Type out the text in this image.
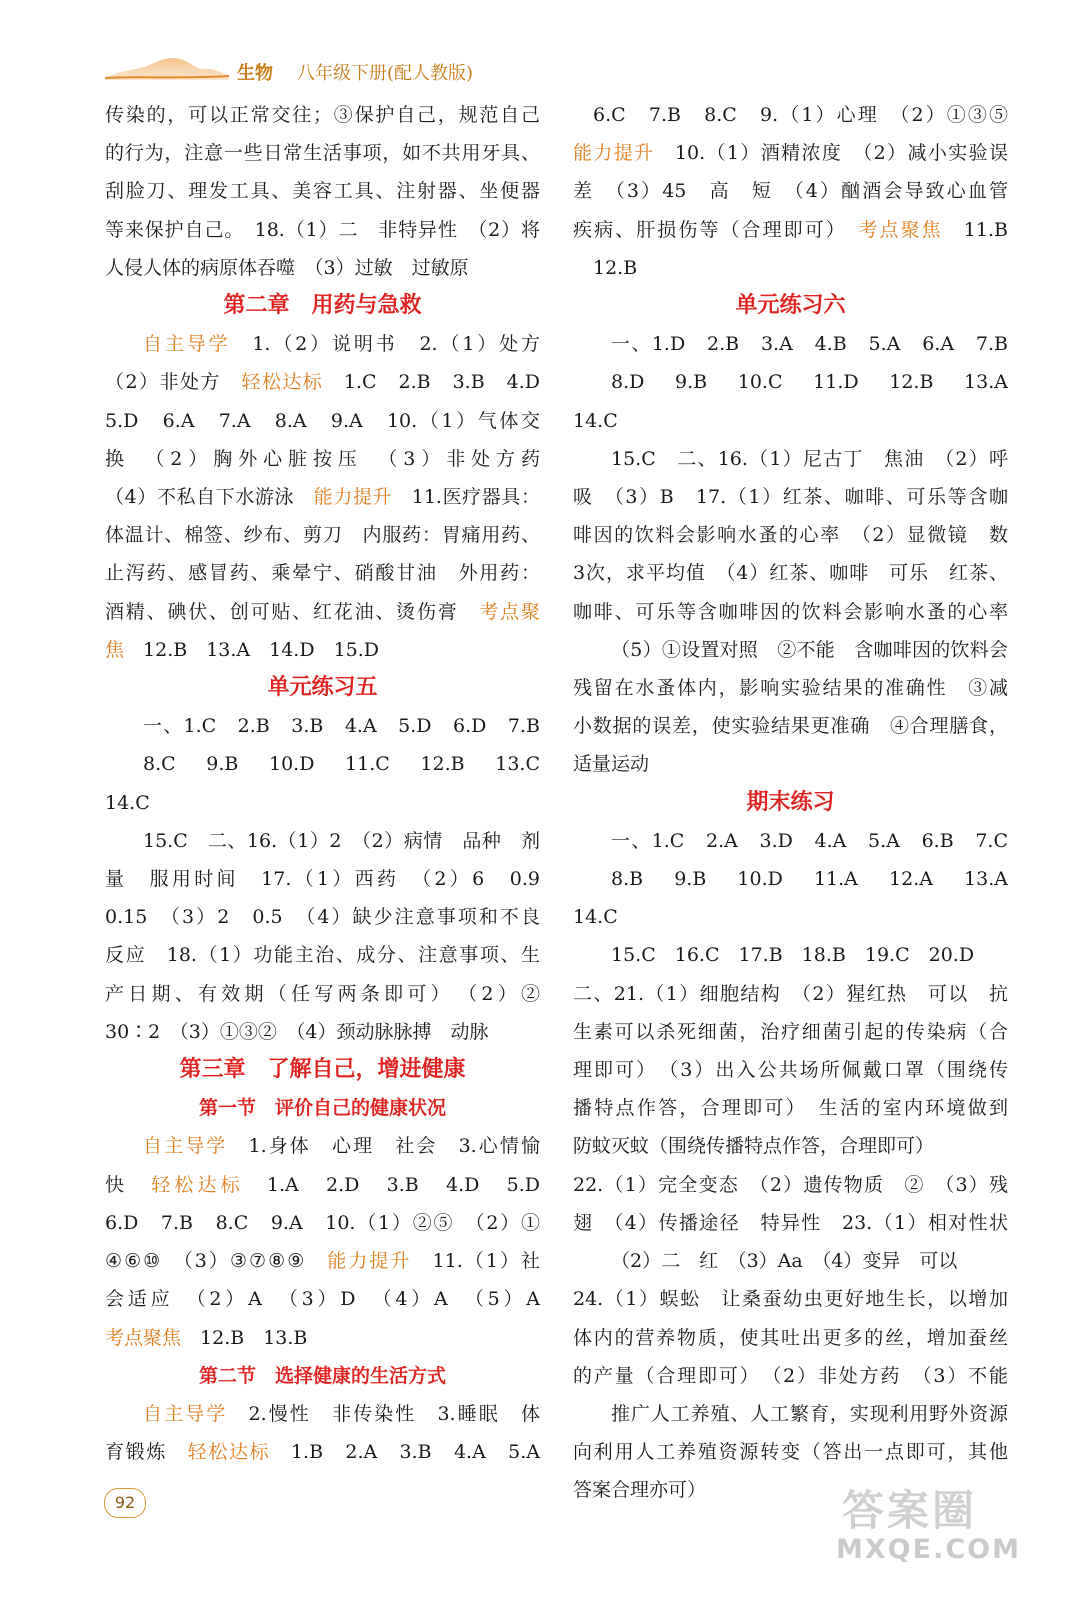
生物 八年级下册(配人教版)
传染的，可以正常交往；③保护自己，规范自己
的行为，注意一些日常生活事项，如不共用牙具、
刮脸刀、理发工具、美容工具、注射器、坐便器
等来保护自己。　18.（1）二　非特异性　（2）将
人侵人体的病原体吞噬　（3）过敏　过敏原
第二章　用药与急救
自主导学　1.（2）说明书　2.（1）处方
（2）非处方　轻松达标　1.C　2.B　3.B　4.D
5.D　6.A　7.A　8.A　9.A　10.（1）气体交
换　（2）胸外心脏按压　（3）非处方药
（4）不私自下水游泳　能力提升　11.医疗器具：
体温计、棉签、纱布、剪刀　内服药：胃痛用药、
止泻药、感冒药、乘晕宁、硝酸甘油　外用药：
酒精、碘伏、创可贴、红花油、烫伤膏　考点聚
焦　12.B　13.A　14.D　15.D
单元练习五
一、1.C　2.B　3.B　4.A　5.D　6.D　7.B
8.C　9.B　10.D　11.C　12.B　13.C　14.C
15.C　二、16.（1）2　（2）病情　品种　剂
量　服用时间　17.（1）西药　（2）6　0.9
0.15　（3）2　0.5　（4）缺少注意事项和不良
反应　18.（1）功能主治、成分、注意事项、生
产日期、有效期（任写两条即可）　（2）②
30∶2　（3）①③②　（4）颈动脉脉搏　动脉
第三章　了解自己，增进健康
第一节　评价自己的健康状况
自主导学　1.身体　心理　社会　3.心情愉
快　轻松达标　1.A　2.D　3.B　4.D　5.D
6.D　7.B　8.C　9.A　10.（1）②⑤　（2）①
④⑥⑩　（3）③⑦⑧⑨　能力提升　11.（1）社
会适应　（2）A　（3）D　（4）A　（5）A
考点聚焦　12.B　13.B
第二节　选择健康的生活方式
自主导学　2.慢性　非传染性　3.睡眠　体
育锻炼　轻松达标　1.B　2.A　3.B　4.A　5.A
6.C　7.B　8.C　9.（1）心理　（2）①③⑤
能力提升　10.（1）酒精浓度　（2）减小实验误
差　（3）45　高　短　（4）酗酒会导致心血管
疾病、肝损伤等（合理即可）　考点聚焦　11.B
12.B
单元练习六
一、1.D　2.B　3.A　4.B　5.A　6.A　7.B
8.D　9.B　10.C　11.D　12.B　13.A　14.C
15.C　二、16.（1）尼古丁　焦油　（2）呼
吸　（3）B　17.（1）红茶、咖啡、可乐等含咖
啡因的饮料会影响水蚤的心率　（2）显微镜　数
3次，求平均值　（4）红茶、咖啡　可乐　红茶、
咖啡、可乐等含咖啡因的饮料会影响水蚤的心率
（5）①设置对照　②不能　含咖啡因的饮料会
残留在水蚤体内，影响实验结果的准确性　③减
小数据的误差，使实验结果更准确　④合理膳食，
适量运动
期末练习
一、1.C　2.A　3.D　4.A　5.A　6.B　7.C
8.B　9.B　10.D　11.A　12.A　13.A　14.C
15.C　16.C　17.B　18.B　19.C　20.D
二、21.（1）细胞结构　（2）猩红热　可以　抗
生素可以杀死细菌，治疗细菌引起的传染病（合
理即可）　（3）出入公共场所佩戴口罩（围绕传
播特点作答，合理即可）　生活的室内环境做到
防蚊灭蚊（围绕传播特点作答，合理即可）
22.（1）完全变态　（2）遗传物质　②　（3）残
翅　（4）传播途径　特异性　23.（1）相对性状
（2）二　红　（3）Aa　（4）变异　可以
24.（1）蜈蚣　让桑蚕幼虫更好地生长，以增加
体内的营养物质，使其吐出更多的丝，增加蚕丝
的产量（合理即可）　（2）非处方药　（3）不能
推广人工养殖、人工繁育，实现利用野外资源
向利用人工养殖资源转变（答出一点即可，其他
答案合理亦可）
92	答案圈
MXQE.COM
